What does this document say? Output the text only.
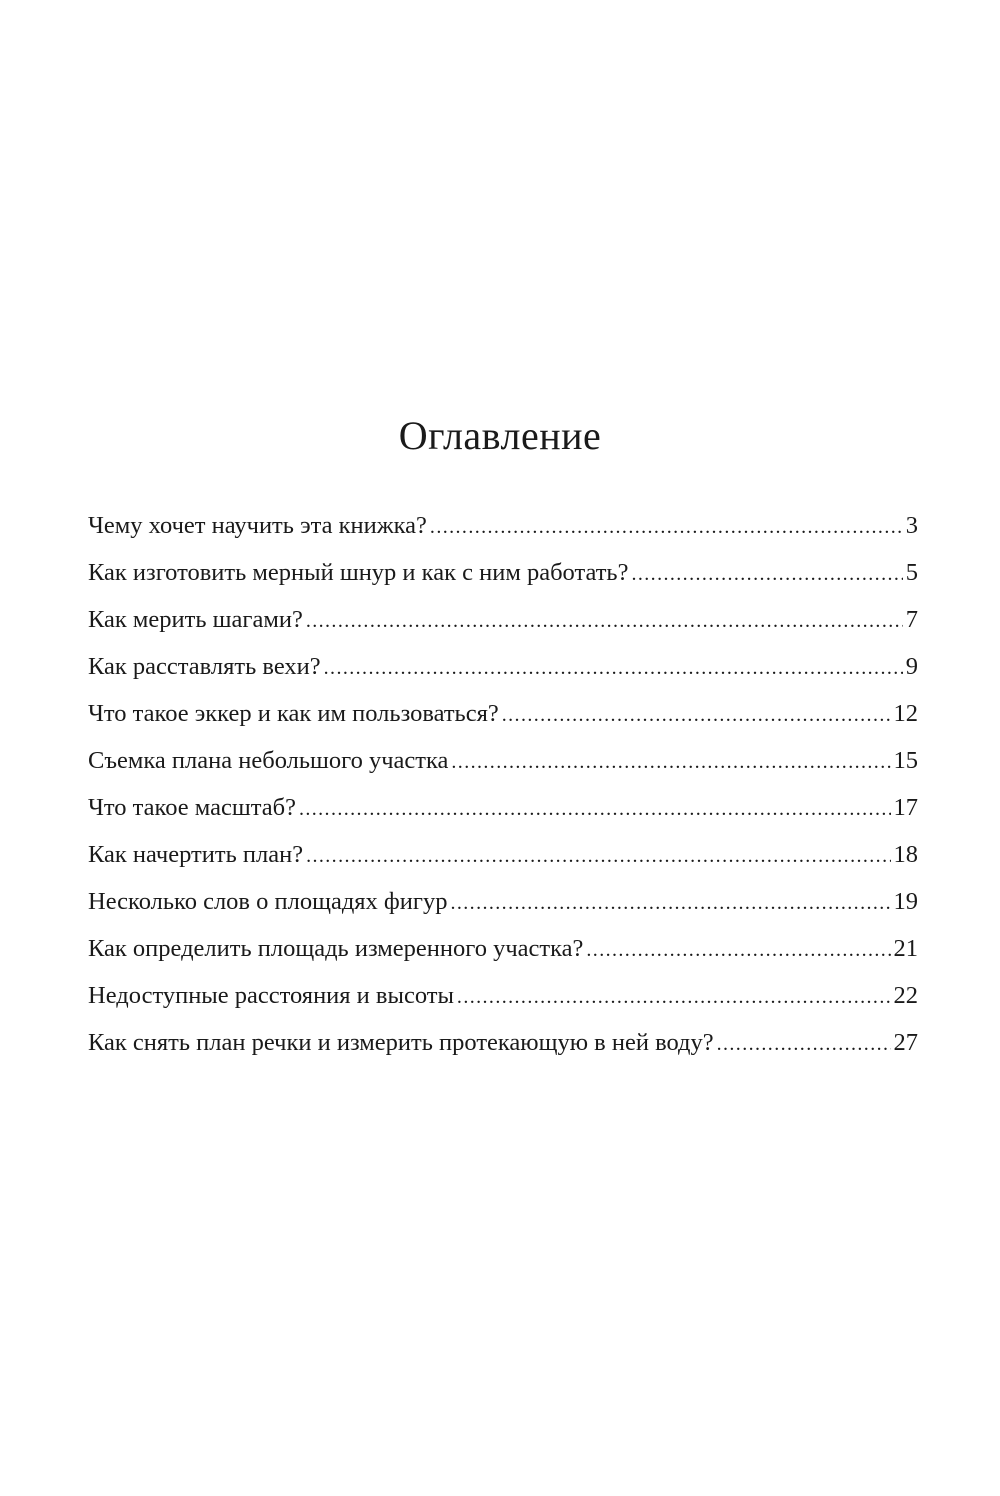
Оглавление
Чему хочет научить эта книжка? .....	3
Как изготовить мерный шнур и как с ним работать? .....	5
Как мерить шагами? .....	7
Как расставлять вехи? .....	9
Что такое эккер и как им пользоваться? .....	12
Съемка плана небольшого участка .....	15
Что такое масштаб? .....	17
Как начертить план? .....	18
Несколько слов о площадях фигур .....	19
Как определить площадь измеренного участка? .....	21
Недоступные расстояния и высоты .....	22
Как снять план речки и измерить протекающую в ней воду? .....	27
